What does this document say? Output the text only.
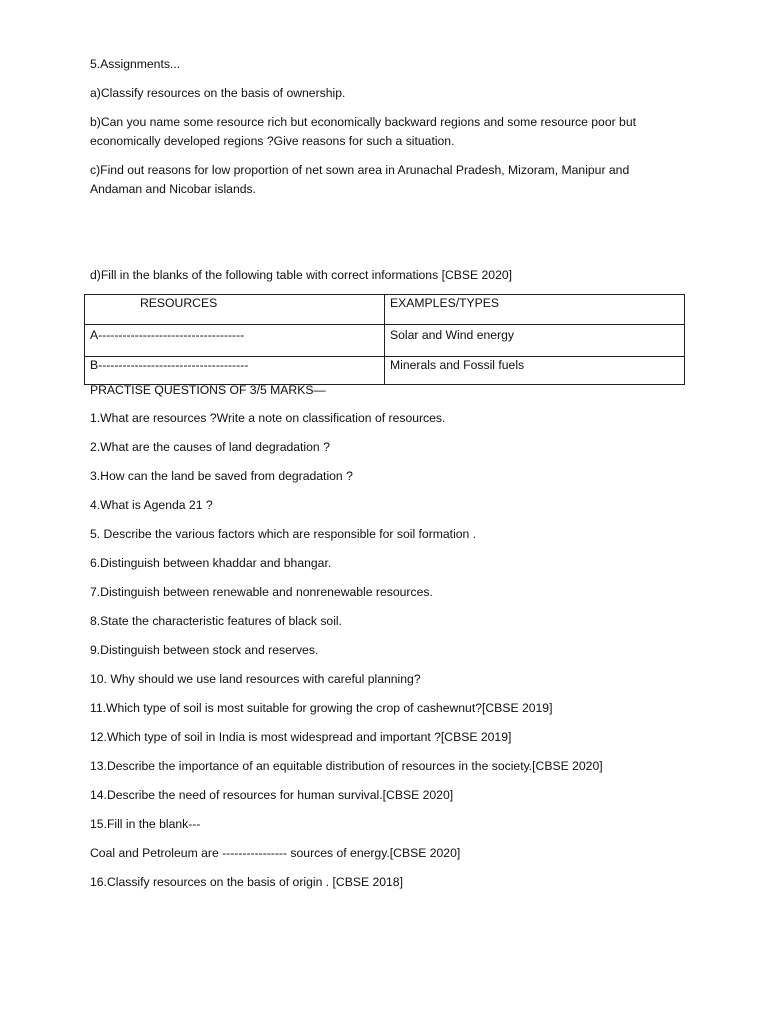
5.Assignments...
a)Classify resources on the basis of ownership.
b)Can you name some resource rich but economically backward regions and some resource poor but
economically developed regions ?Give reasons for such a situation.
c)Find out reasons for low proportion of net sown area in Arunachal Pradesh, Mizoram, Manipur and
Andaman and Nicobar islands.
d)Fill in the blanks of the following table with correct informations [CBSE 2020]
RESOURCES	EXAMPLES/TYPES
A------------------------------------	Solar and Wind energy
B-------------------------------------	Minerals and Fossil fuels
PRACTISE QUESTIONS OF 3/5 MARKS—
1.What are resources ?Write a note on classification of resources.
2.What are the causes of land degradation ?
3.How can the land be saved from degradation ?
4.What is Agenda 21 ?
5. Describe the various factors which are responsible for soil formation .
6.Distinguish between khaddar and bhangar.
7.Distinguish between renewable and nonrenewable resources.
8.State the characteristic features of black soil.
9.Distinguish between stock and reserves.
10. Why should we use land resources with careful planning?
11.Which type of soil is most suitable for growing the crop of cashewnut?[CBSE 2019]
12.Which type of soil in India is most widespread and important ?[CBSE 2019]
13.Describe the importance of an equitable distribution of resources in the society.[CBSE 2020]
14.Describe the need of resources for human survival.[CBSE 2020]
15.Fill in the blank---
Coal and Petroleum are ---------------- sources of energy.[CBSE 2020]
16.Classify resources on the basis of origin . [CBSE 2018]
